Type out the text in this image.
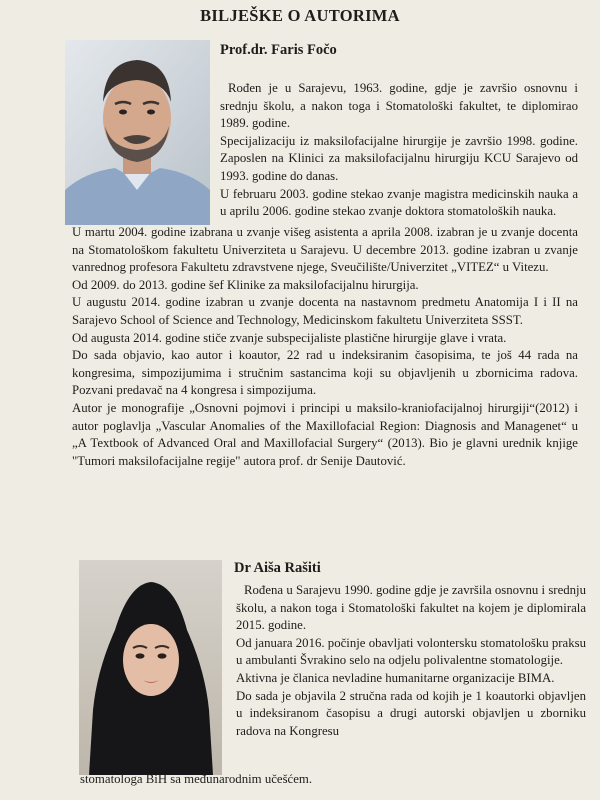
BILJEŠKE O AUTORIMA
Prof.dr. Faris Fočo

Rođen je u Sarajevu, 1963. godine, gdje je završio osnovnu i srednju školu, a nakon toga i Stomatološki fakultet, te diplomirao 1989. godine.

Specijalizaciju iz maksilofacijalne hirurgije je završio 1998. godine. Zaposlen na Klinici za maksilofacijalnu hirurgiju KCU Sarajevo od 1993. godine do danas.

U februaru 2003. godine stekao zvanje magistra medicinskih nauka a u aprilu 2006. godine stekao zvanje doktora stomatoloških nauka.

U martu 2004. godine izabrana u zvanje višeg asistenta a aprila 2008. izabran je u zvanje docenta na Stomatološkom fakultetu Univerziteta u Sarajevu. U decembre 2013. godine izabran u zvanje vanrednog profesora Fakultetu zdravstvene njege, Sveučilište/Univerzitet „VITEZ“ u Vitezu.

Od 2009. do 2013. godine šef Klinike za maksilofacijalnu hirurgija.

U augustu 2014. godine izabran u zvanje docenta na nastavnom predmetu Anatomija I i II na Sarajevo School of Science and Technology, Medicinskom fakultetu Univerziteta SSST.

Od augusta 2014. godine stiče zvanje subspecijaliste plastične hirurgije glave i vrata.

Do sada objavio, kao autor i koautor, 22 rad u indeksiranim časopisima, te još 44 rada na kongresima, simpozijumima i stručnim sastancima koji su objavljenih u zbornicima radova. Pozvani predavač na 4 kongresa i simpozijuma.

Autor je monografije „Osnovni pojmovi i principi u maksilo-kraniofacijalnoj hirurgiji“(2012) i autor poglavlja „Vascular Anomalies of the Maxillofacial Region: Diagnosis and Managenet“ u „A Textbook of Advanced Oral and Maxillofacial Surgery“ (2013). Bio je glavni urednik knjige "Tumori maksilofacijalne regije" autora prof. dr Senije Dautović.

Dr Aiša Rašiti

Rođena u Sarajevu 1990. godine gdje je završila osnovnu i srednju školu, a nakon toga i Stomatološki fakultet na kojem je diplomirala 2015. godine.

Od januara 2016. počinje obavljati volontersku stomatološku praksu u ambulanti Švrakino selo na odjelu polivalentne stomatologije.

Aktivna je članica nevladine humanitarne organizacije BIMA.

Do sada je objavila 2 stručna rada od kojih je 1 koautorki objavljen u indeksiranom časopisu a drugi autorski objavljen u zborniku radova na Kongresu

stomatologa BiH sa međunarodnim učešćem.
